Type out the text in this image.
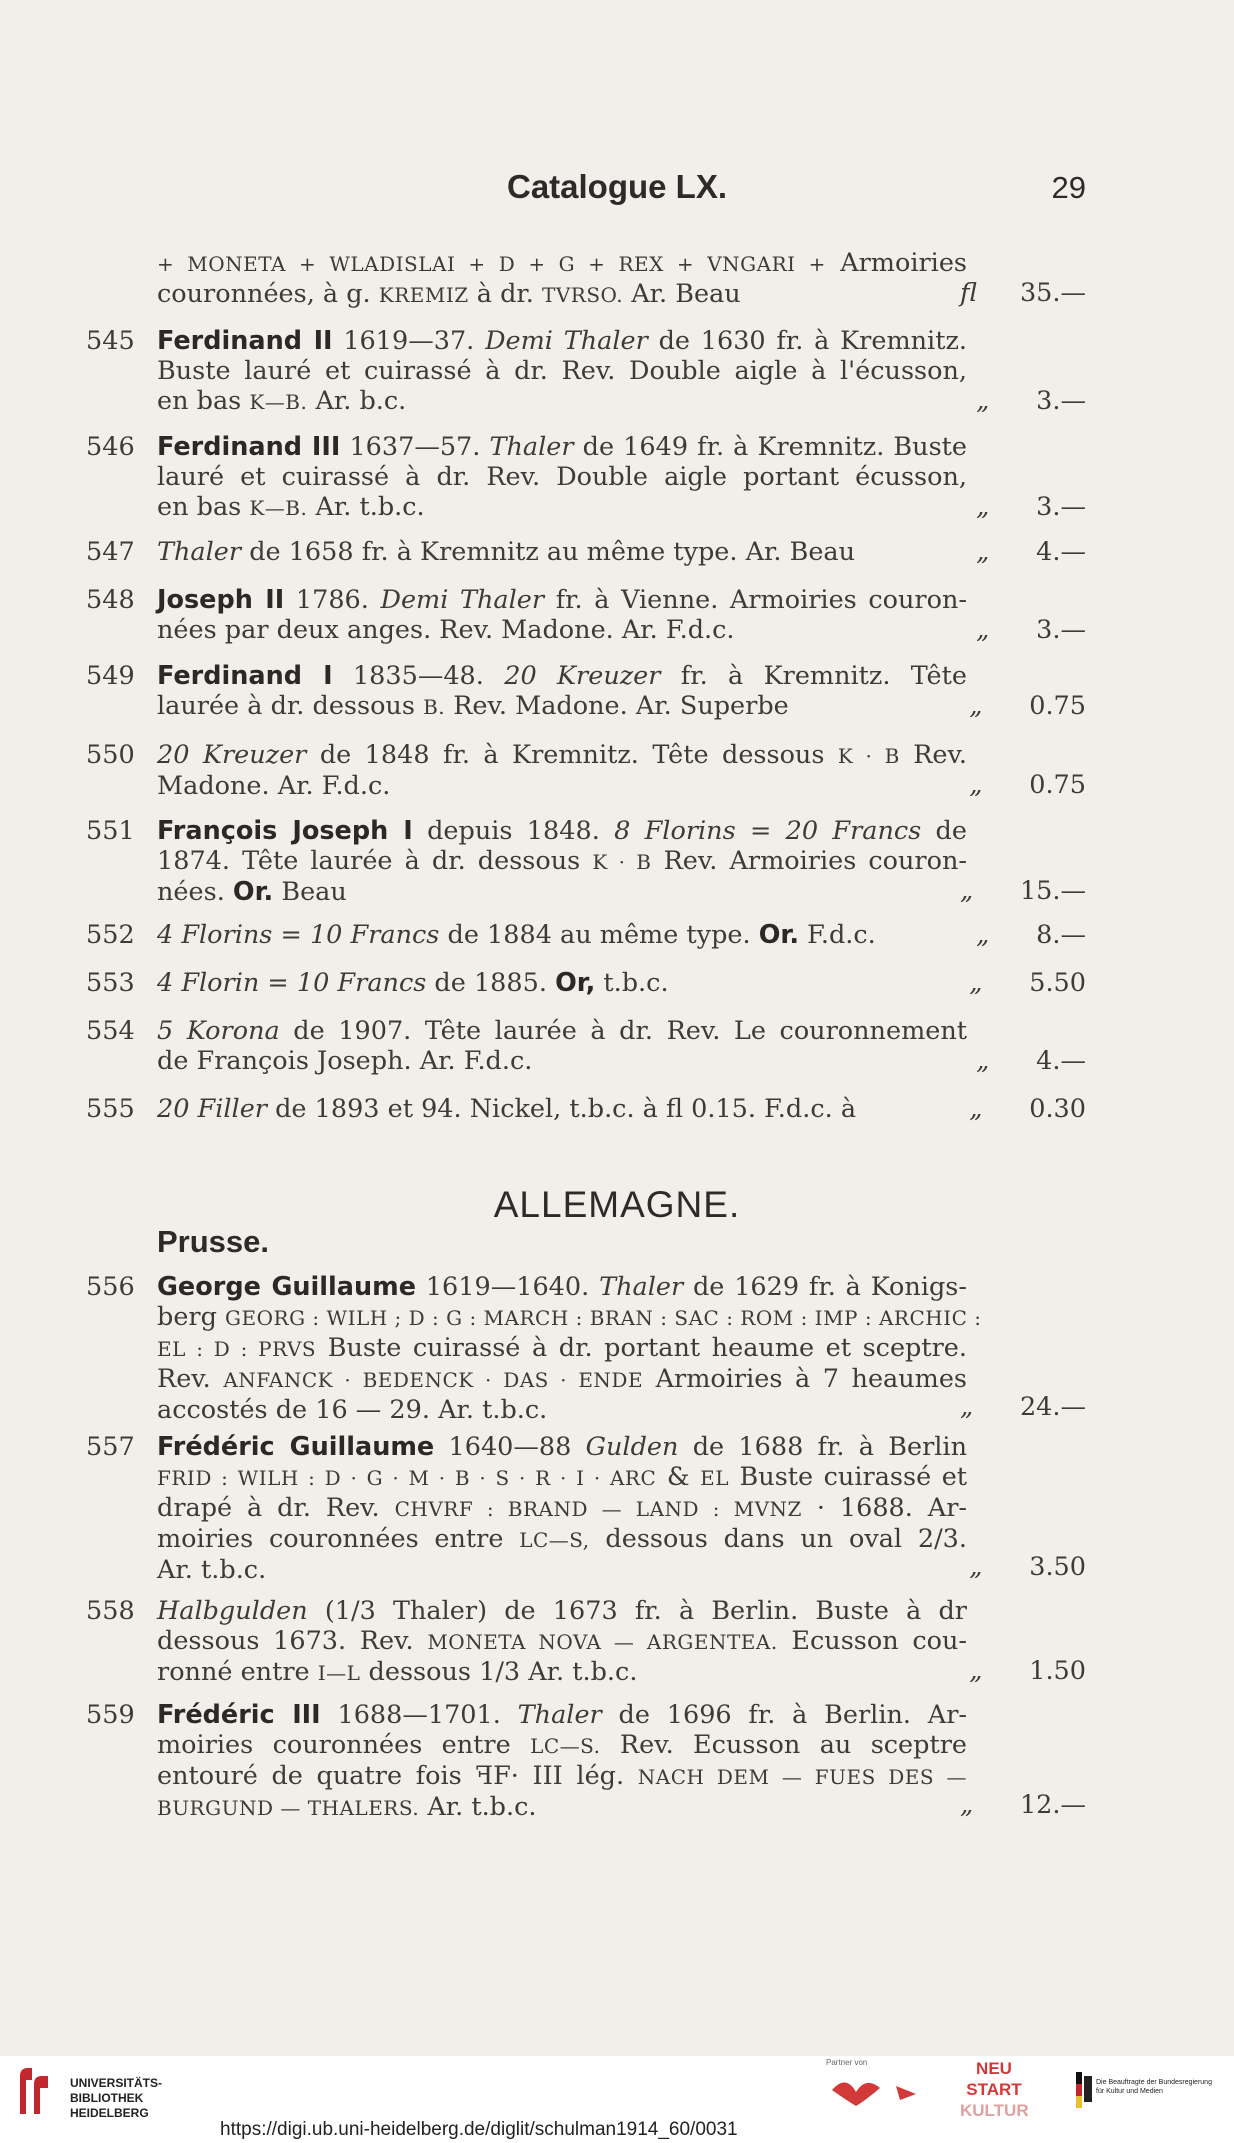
Catalogue LX.	29
+ MONETA + WLADISLAI + D + G + REX + VNGARI + Armoiries
couronnées, à g. KREMIZ à dr. TVRSO. Ar. Beau	fl 35.—
545 Ferdinand II 1619—37. Demi Thaler de 1630 fr. à Kremnitz.
Buste lauré et cuirassé à dr. Rev. Double aigle à l'écusson,
en bas K—B. Ar. b.c.	„ 3.—
546 Ferdinand III 1637—57. Thaler de 1649 fr. à Kremnitz. Buste
lauré et cuirassé à dr. Rev. Double aigle portant écusson,
en bas K—B. Ar. t.b.c.	„ 3.—
547 Thaler de 1658 fr. à Kremnitz au même type. Ar. Beau	„ 4.—
548 Joseph II 1786. Demi Thaler fr. à Vienne. Armoiries couron-
nées par deux anges. Rev. Madone. Ar. F.d.c.	„ 3.—
549 Ferdinand I 1835—48. 20 Kreuzer fr. à Kremnitz. Tête
laurée à dr. dessous B. Rev. Madone. Ar. Superbe	„ 0.75
550 20 Kreuzer de 1848 fr. à Kremnitz. Tête dessous K · B Rev.
Madone. Ar. F.d.c.	„ 0.75
551 François Joseph I depuis 1848. 8 Florins = 20 Francs de
1874. Tête laurée à dr. dessous K · B Rev. Armoiries couron-
nées. Or. Beau	„ 15.—
552 4 Florins = 10 Francs de 1884 au même type. Or. F.d.c.	„ 8.—
553 4 Florin = 10 Francs de 1885. Or, t.b.c.	„ 5.50
554 5 Korona de 1907. Tête laurée à dr. Rev. Le couronnement
de François Joseph. Ar. F.d.c.	„ 4.—
555 20 Filler de 1893 et 94. Nickel, t.b.c. à fl 0.15. F.d.c. à	„ 0.30
ALLEMAGNE.
Prusse.
556 George Guillaume 1619—1640. Thaler de 1629 fr. à Konigs-
berg GEORG : WILH ; D : G : MARCH : BRAN : SAC : ROM : IMP : ARCHIC :
EL : D : PRVS Buste cuirassé à dr. portant heaume et sceptre.
Rev. ANFANCK · BEDENCK · DAS · ENDE Armoiries à 7 heaumes
accostés de 16 — 29. Ar. t.b.c.	„ 24.—
557 Frédéric Guillaume 1640—88 Gulden de 1688 fr. à Berlin
FRID : WILH : D · G · M · B · S · R · I · ARC & EL Buste cuirassé et
drapé à dr. Rev. CHVRF : BRAND — LAND : MVNZ · 1688. Ar-
moiries couronnées entre LC—S, dessous dans un oval 2/3.
Ar. t.b.c.	„ 3.50
558 Halbgulden (1/3 Thaler) de 1673 fr. à Berlin. Buste à dr
dessous 1673. Rev. MONETA NOVA — ARGENTEA. Ecusson cou-
ronné entre I—L dessous 1/3 Ar. t.b.c.	„ 1.50
559 Frédéric III 1688—1701. Thaler de 1696 fr. à Berlin. Ar-
moiries couronnées entre LC—S. Rev. Ecusson au sceptre
entouré de quatre fois ꟻF· III lég. NACH DEM — FUES DES —
BURGUND — THALERS. Ar. t.b.c.	„ 12.—
UNIVERSITÄTS-
BIBLIOTHEK
HEIDELBERG
Partner von	NEU
START
KULTUR
Die Beauftragte der Bundesregierung
für Kultur und Medien
https://digi.ub.uni-heidelberg.de/diglit/schulman1914_60/0031
